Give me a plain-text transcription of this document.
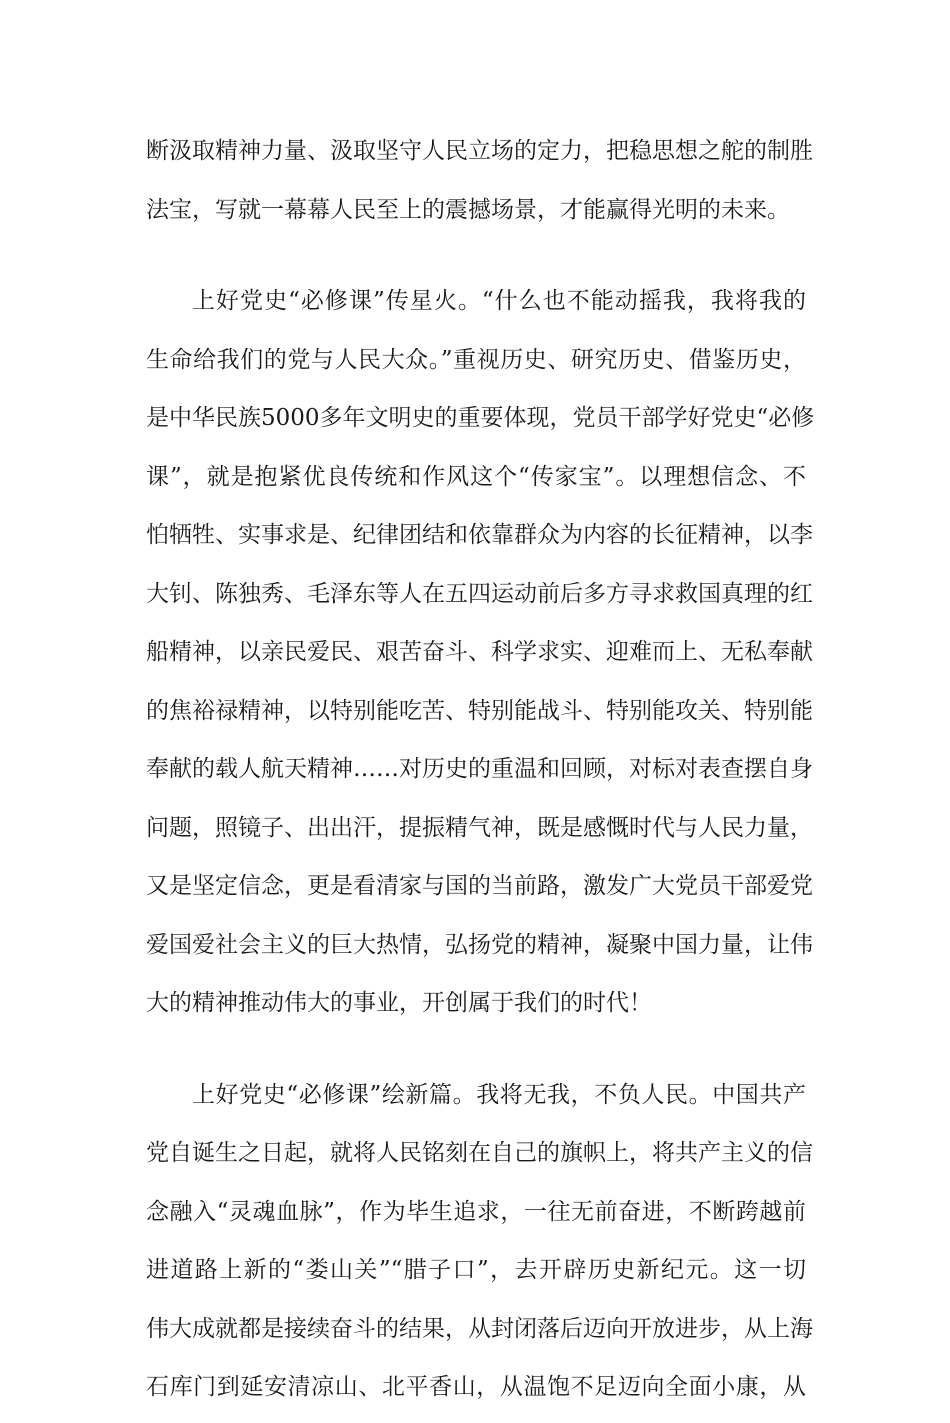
断汲取精神力量、汲取坚守人民立场的定力，把稳思想之舵的制胜
法宝，写就一幕幕人民至上的震撼场景，才能赢得光明的未来。
上好党史“必修课”传星火。“什么也不能动摇我，我将我的
生命给我们的党与人民大众。”重视历史、研究历史、借鉴历史，
是中华民族5000多年文明史的重要体现，党员干部学好党史“必修
课”，就是抱紧优良传统和作风这个“传家宝”。以理想信念、不
怕牺牲、实事求是、纪律团结和依靠群众为内容的长征精神，以李
大钊、陈独秀、毛泽东等人在五四运动前后多方寻求救国真理的红
船精神，以亲民爱民、艰苦奋斗、科学求实、迎难而上、无私奉献
的焦裕禄精神，以特别能吃苦、特别能战斗、特别能攻关、特别能
奉献的载人航天精神……对历史的重温和回顾，对标对表查摆自身
问题，照镜子、出出汗，提振精气神，既是感慨时代与人民力量，
又是坚定信念，更是看清家与国的当前路，激发广大党员干部爱党
爱国爱社会主义的巨大热情，弘扬党的精神，凝聚中国力量，让伟
大的精神推动伟大的事业，开创属于我们的时代！
上好党史“必修课”绘新篇。我将无我，不负人民。中国共产
党自诞生之日起，就将人民铭刻在自己的旗帜上，将共产主义的信
念融入“灵魂血脉”，作为毕生追求，一往无前奋进，不断跨越前
进道路上新的“娄山关”“腊子口”，去开辟历史新纪元。这一切
伟大成就都是接续奋斗的结果，从封闭落后迈向开放进步，从上海
石库门到延安清凉山、北平香山，从温饱不足迈向全面小康，从
